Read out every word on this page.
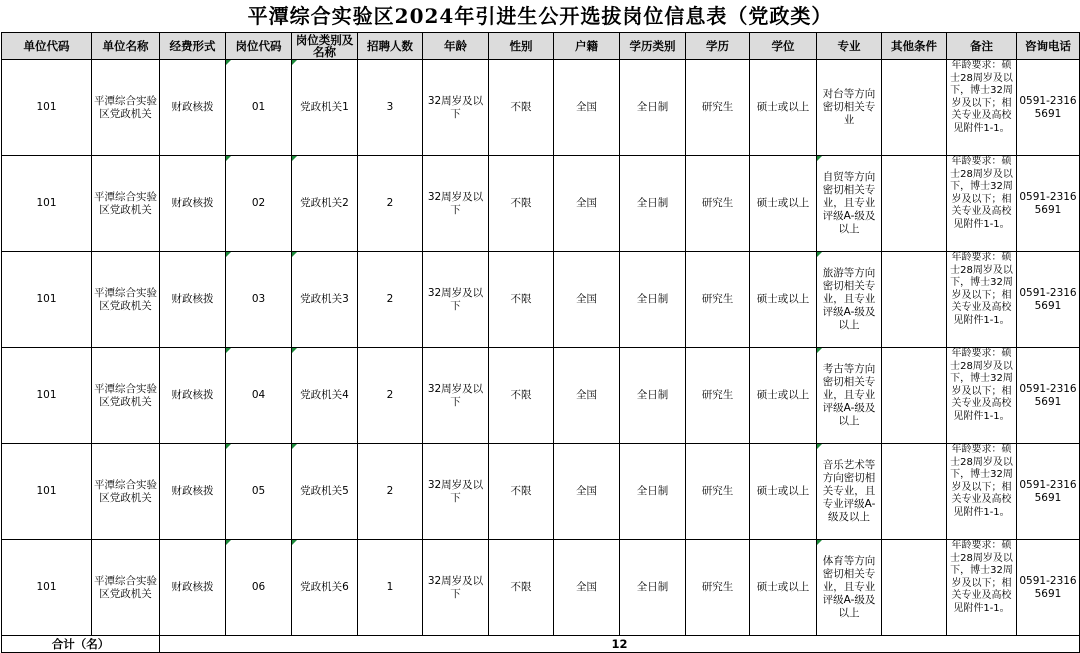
平潭综合实验区2024年引进生公开选拔岗位信息表（党政类）
单位代码	单位名称	经费形式	岗位代码	岗位类别及名称	招聘人数	年龄	性别	户籍	学历类别	学历	学位	专业	其他条件	备注	咨询电话
101	平潭综合实验区党政机关	财政核拨	01	党政机关1	3	32周岁及以下	不限	全国	全日制	研究生	硕士或以上	对台等方向密切相关专业		年龄要求：硕士28周岁及以下，博士32周岁及以下；相关专业及高校见附件1-1。	0591-23165691
101	平潭综合实验区党政机关	财政核拨	02	党政机关2	2	32周岁及以下	不限	全国	全日制	研究生	硕士或以上	自贸等方向密切相关专业，且专业评级A-级及以上		年龄要求：硕士28周岁及以下，博士32周岁及以下；相关专业及高校见附件1-1。	0591-23165691
101	平潭综合实验区党政机关	财政核拨	03	党政机关3	2	32周岁及以下	不限	全国	全日制	研究生	硕士或以上	旅游等方向密切相关专业，且专业评级A-级及以上		年龄要求：硕士28周岁及以下，博士32周岁及以下；相关专业及高校见附件1-1。	0591-23165691
101	平潭综合实验区党政机关	财政核拨	04	党政机关4	2	32周岁及以下	不限	全国	全日制	研究生	硕士或以上	考古等方向密切相关专业，且专业评级A-级及以上		年龄要求：硕士28周岁及以下，博士32周岁及以下；相关专业及高校见附件1-1。	0591-23165691
101	平潭综合实验区党政机关	财政核拨	05	党政机关5	2	32周岁及以下	不限	全国	全日制	研究生	硕士或以上	音乐艺术等方向密切相关专业，且专业评级A-级及以上		年龄要求：硕士28周岁及以下，博士32周岁及以下；相关专业及高校见附件1-1。	0591-23165691
101	平潭综合实验区党政机关	财政核拨	06	党政机关6	1	32周岁及以下	不限	全国	全日制	研究生	硕士或以上	体育等方向密切相关专业，且专业评级A-级及以上		年龄要求：硕士28周岁及以下，博士32周岁及以下；相关专业及高校见附件1-1。	0591-23165691
合计（名）		12													
